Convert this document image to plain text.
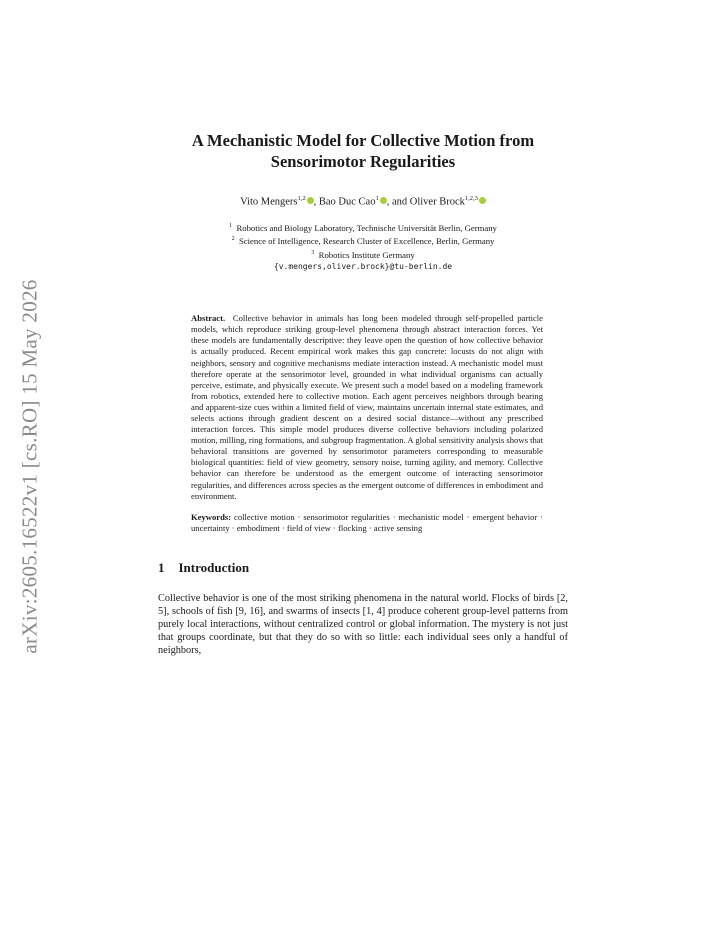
arXiv:2605.16522v1 [cs.RO] 15 May 2026
A Mechanistic Model for Collective Motion from
Sensorimotor Regularities
Vito Mengers$^{1,2}$ , Bao Duc Cao$^1$ , and Oliver Brock$^{1,2,3}$
$^1$ Robotics and Biology Laboratory, Technische Universität Berlin, Germany
$^2$ Science of Intelligence, Research Cluster of Excellence, Berlin, Germany
$^3$ Robotics Institute Germany
{v.mengers,oliver.brock}@tu-berlin.de
Abstract. Collective behavior in animals has long been modeled through self-propelled particle models, which reproduce striking group-level phenomena through abstract interaction forces. Yet these models are fundamentally descriptive: they leave open the question of how collective behavior is actually produced. Recent empirical work makes this gap concrete: locusts do not align with neighbors, sensory and cognitive mechanisms mediate interaction instead. A mechanistic model must therefore operate at the sensorimotor level, grounded in what individual organisms can actually perceive, estimate, and physically execute. We present such a model based on a modeling framework from robotics, extended here to collective motion. Each agent perceives neighbors through bearing and apparent-size cues within a limited field of view, maintains uncertain internal state estimates, and selects actions through gradient descent on a desired social distance—without any prescribed interaction forces. This simple model produces diverse collective behaviors including polarized motion, milling, ring formations, and subgroup fragmentation. A global sensitivity analysis shows that behavioral transitions are governed by sensorimotor parameters corresponding to measurable biological quantities: field of view geometry, sensory noise, turning agility, and memory. Collective behavior can therefore be understood as the emergent outcome of interacting sensorimotor regularities, and differences across species as the emergent outcome of differences in embodiment and environment.
Keywords: collective motion · sensorimotor regularities · mechanistic model · emergent behavior · uncertainty · embodiment · field of view · flocking · active sensing
1 Introduction

Collective behavior is one of the most striking phenomena in the natural world. Flocks of birds [2, 5], schools of fish [9, 16], and swarms of insects [1, 4] produce coherent group-level patterns from purely local interactions, without centralized control or global information. The mystery is not just that groups coordinate, but that they do so with so little: each individual sees only a handful of neighbors,
